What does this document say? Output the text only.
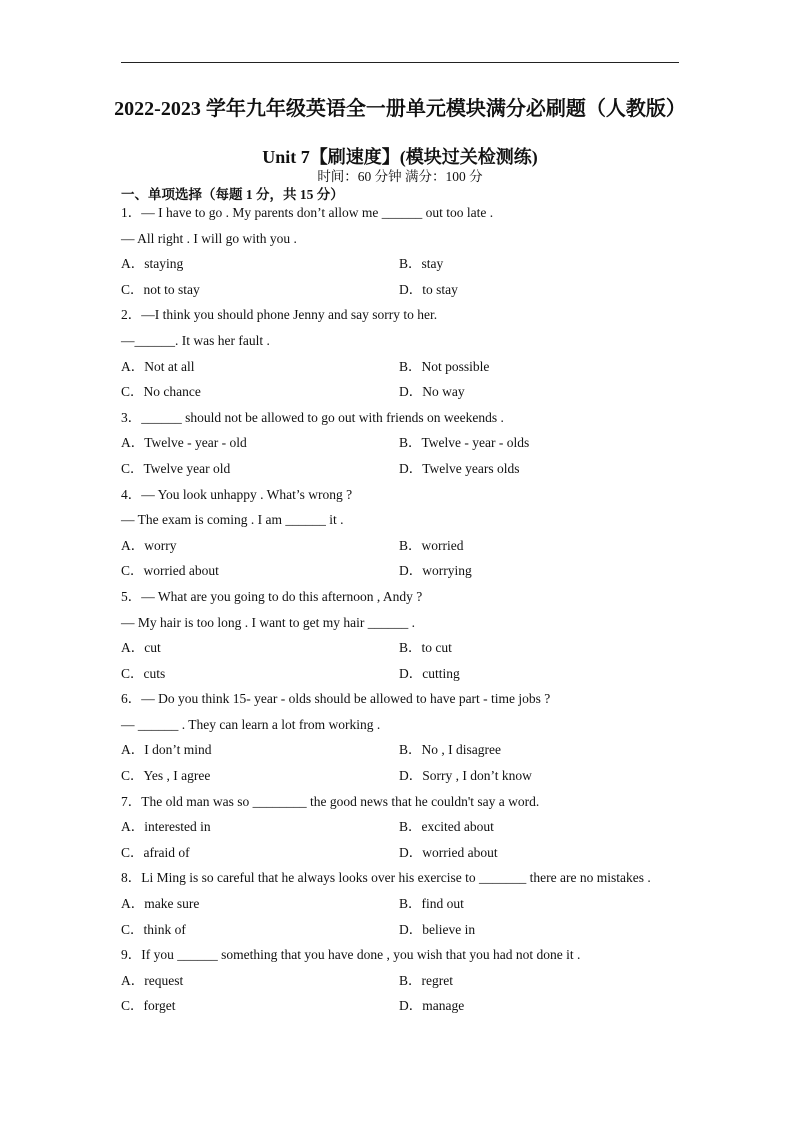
2022-2023 学年九年级英语全一册单元模块满分必刷题（人教版）
Unit 7【刷速度】(模块过关检测练)
时间：60 分钟 满分：100 分
一、单项选择（每题 1 分，共 15 分）
1．— I have to go . My parents don’t allow me ______ out too late .
— All right . I will go with you .
A．staying	B．stay
C．not to stay	D．to stay
2．—I think you should phone Jenny and say sorry to her.
—______. It was her fault .
A．Not at all	B．Not possible
C．No chance	D．No way
3．______ should not be allowed to go out with friends on weekends .
A．Twelve - year - old	B．Twelve - year - olds
C．Twelve year old	D．Twelve years olds
4．— You look unhappy . What’s wrong ?
— The exam is coming . I am ______ it .
A．worry	B．worried
C．worried about	D．worrying
5．— What are you going to do this afternoon , Andy ?
— My hair is too long . I want to get my hair ______ .
A．cut	B．to cut
C．cuts	D．cutting
6．— Do you think 15- year - olds should be allowed to have part - time jobs ?
— ______ . They can learn a lot from working .
A．I don’t mind	B．No , I disagree
C．Yes , I agree	D．Sorry , I don’t know
7．The old man was so ________ the good news that he couldn't say a word.
A．interested in	B．excited about
C．afraid of	D．worried about
8．Li Ming is so careful that he always looks over his exercise to _______ there are no mistakes .
A．make sure	B．find out
C．think of	D．believe in
9．If you ______ something that you have done , you wish that you had not done it .
A．request	B．regret
C．forget	D．manage
